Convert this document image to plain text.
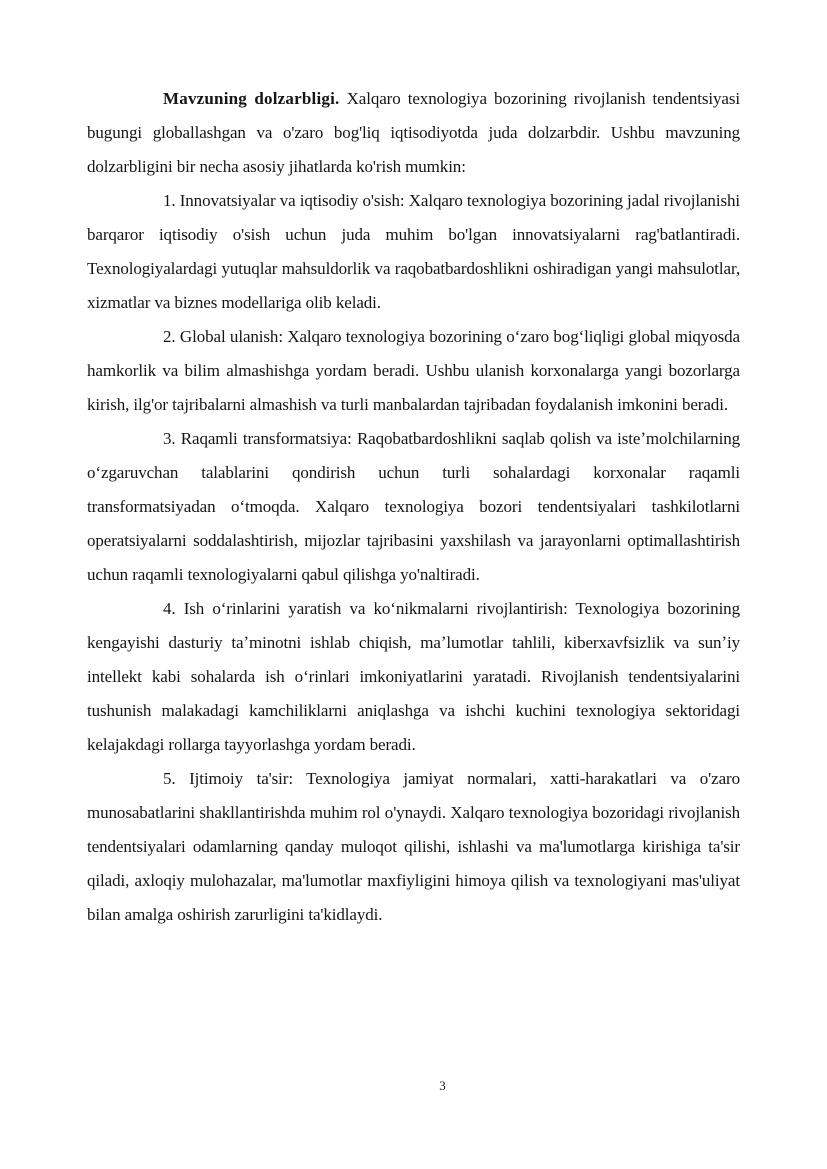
Mavzuning dolzarbligi. Xalqaro texnologiya bozorining rivojlanish tendentsiyasi bugungi globallashgan va o'zaro bog'liq iqtisodiyotda juda dolzarbdir. Ushbu mavzuning dolzarbligini bir necha asosiy jihatlarda ko'rish mumkin:

1. Innovatsiyalar va iqtisodiy o'sish: Xalqaro texnologiya bozorining jadal rivojlanishi barqaror iqtisodiy o'sish uchun juda muhim bo'lgan innovatsiyalarni rag'batlantiradi. Texnologiyalardagi yutuqlar mahsuldorlik va raqobatbardoshlikni oshiradigan yangi mahsulotlar, xizmatlar va biznes modellariga olib keladi.

2. Global ulanish: Xalqaro texnologiya bozorining oʻzaro bogʻliqligi global miqyosda hamkorlik va bilim almashishga yordam beradi. Ushbu ulanish korxonalarga yangi bozorlarga kirish, ilg'or tajribalarni almashish va turli manbalardan tajribadan foydalanish imkonini beradi.

3. Raqamli transformatsiya: Raqobatbardoshlikni saqlab qolish va isteʼmolchilarning oʻzgaruvchan talablarini qondirish uchun turli sohalardagi korxonalar raqamli transformatsiyadan oʻtmoqda. Xalqaro texnologiya bozori tendentsiyalari tashkilotlarni operatsiyalarni soddalashtirish, mijozlar tajribasini yaxshilash va jarayonlarni optimallashtirish uchun raqamli texnologiyalarni qabul qilishga yo'naltiradi.

4. Ish oʻrinlarini yaratish va koʻnikmalarni rivojlantirish: Texnologiya bozorining kengayishi dasturiy taʼminotni ishlab chiqish, maʼlumotlar tahlili, kiberxavfsizlik va sunʼiy intellekt kabi sohalarda ish oʻrinlari imkoniyatlarini yaratadi. Rivojlanish tendentsiyalarini tushunish malakadagi kamchiliklarni aniqlashga va ishchi kuchini texnologiya sektoridagi kelajakdagi rollarga tayyorlashga yordam beradi.

5. Ijtimoiy ta'sir: Texnologiya jamiyat normalari, xatti-harakatlari va o'zaro munosabatlarini shakllantirishda muhim rol o'ynaydi. Xalqaro texnologiya bozoridagi rivojlanish tendentsiyalari odamlarning qanday muloqot qilishi, ishlashi va ma'lumotlarga kirishiga ta'sir qiladi, axloqiy mulohazalar, ma'lumotlar maxfiyligini himoya qilish va texnologiyani mas'uliyat bilan amalga oshirish zarurligini ta'kidlaydi.

3
